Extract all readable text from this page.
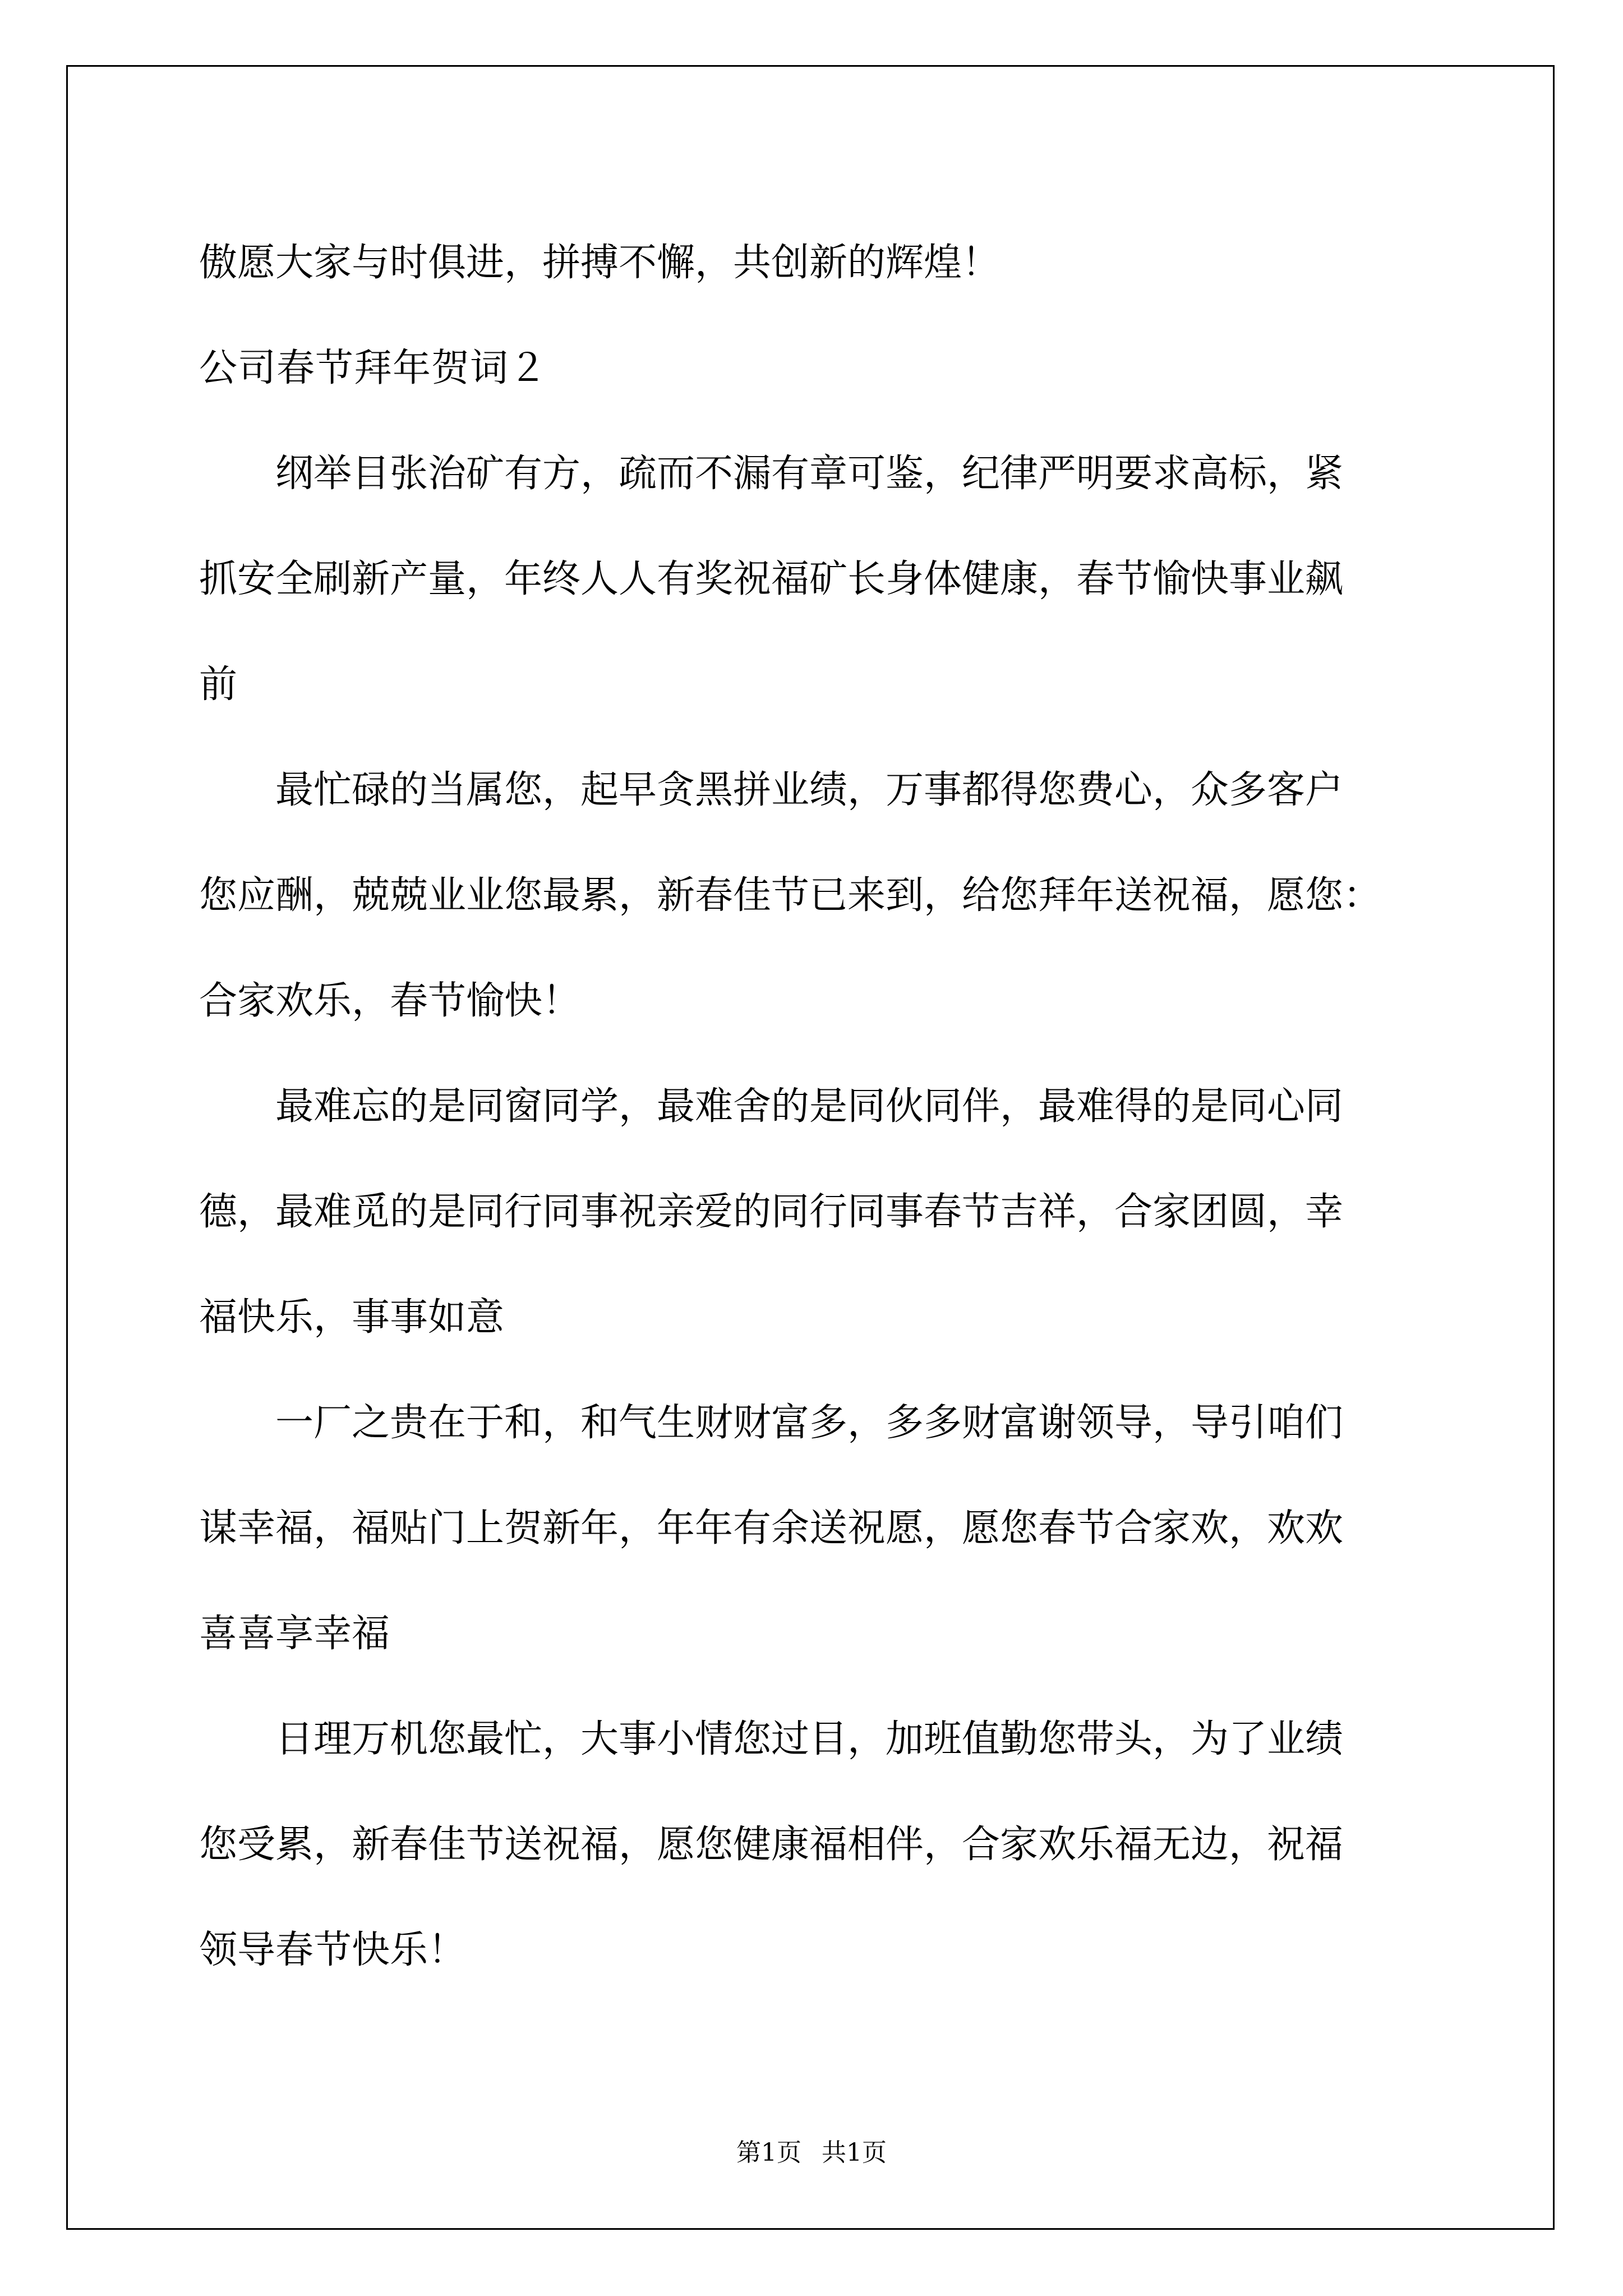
傲愿大家与时俱进，拼搏不懈，共创新的辉煌！
公司春节拜年贺词２
　　纲举目张治矿有方，疏而不漏有章可鉴，纪律严明要求高标，紧
抓安全刷新产量，年终人人有奖祝福矿长身体健康，春节愉快事业飙
前
　　最忙碌的当属您，起早贪黑拼业绩，万事都得您费心，众多客户
您应酬，兢兢业业您最累，新春佳节已来到，给您拜年送祝福，愿您：
合家欢乐，春节愉快！
　　最难忘的是同窗同学，最难舍的是同伙同伴，最难得的是同心同
德，最难觅的是同行同事祝亲爱的同行同事春节吉祥，合家团圆，幸
福快乐，事事如意
　　一厂之贵在于和，和气生财财富多，多多财富谢领导，导引咱们
谋幸福，福贴门上贺新年，年年有余送祝愿，愿您春节合家欢，欢欢
喜喜享幸福
　　日理万机您最忙，大事小情您过目，加班值勤您带头，为了业绩
您受累，新春佳节送祝福，愿您健康福相伴，合家欢乐福无边，祝福
领导春节快乐！
第1页 共1页
